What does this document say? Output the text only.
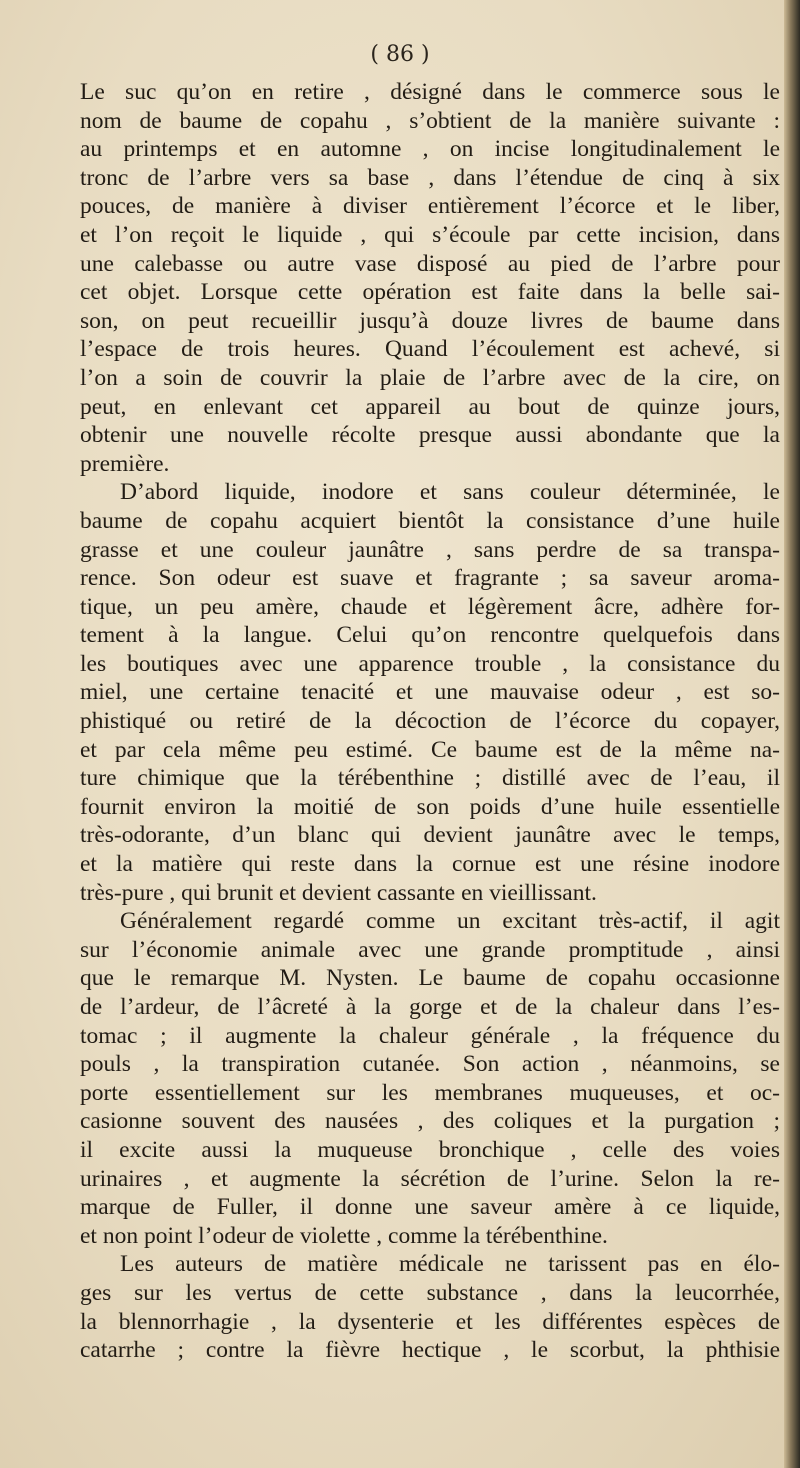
( 86 )
Le suc qu’on en retire , désigné dans le commerce sous le
nom de baume de copahu , s’obtient de la manière suivante :
au printemps et en automne , on incise longitudinalement le
tronc de l’arbre vers sa base , dans l’étendue de cinq à six
pouces, de manière à diviser entièrement l’écorce et le liber,
et l’on reçoit le liquide , qui s’écoule par cette incision, dans
une calebasse ou autre vase disposé au pied de l’arbre pour
cet objet. Lorsque cette opération est faite dans la belle sai-
son, on peut recueillir jusqu’à douze livres de baume dans
l’espace de trois heures. Quand l’écoulement est achevé, si
l’on a soin de couvrir la plaie de l’arbre avec de la cire, on
peut, en enlevant cet appareil au bout de quinze jours,
obtenir une nouvelle récolte presque aussi abondante que la
première.
D’abord liquide, inodore et sans couleur déterminée, le
baume de copahu acquiert bientôt la consistance d’une huile
grasse et une couleur jaunâtre , sans perdre de sa transpa-
rence. Son odeur est suave et fragrante ; sa saveur aroma-
tique, un peu amère, chaude et légèrement âcre, adhère for-
tement à la langue. Celui qu’on rencontre quelquefois dans
les boutiques avec une apparence trouble , la consistance du
miel, une certaine tenacité et une mauvaise odeur , est so-
phistiqué ou retiré de la décoction de l’écorce du copayer,
et par cela même peu estimé. Ce baume est de la même na-
ture chimique que la térébenthine ; distillé avec de l’eau, il
fournit environ la moitié de son poids d’une huile essentielle
très-odorante, d’un blanc qui devient jaunâtre avec le temps,
et la matière qui reste dans la cornue est une résine inodore
très-pure , qui brunit et devient cassante en vieillissant.
Généralement regardé comme un excitant très-actif, il agit
sur l’économie animale avec une grande promptitude , ainsi
que le remarque M. Nysten. Le baume de copahu occasionne
de l’ardeur, de l’âcreté à la gorge et de la chaleur dans l’es-
tomac ; il augmente la chaleur générale , la fréquence du
pouls , la transpiration cutanée. Son action , néanmoins, se
porte essentiellement sur les membranes muqueuses, et oc-
casionne souvent des nausées , des coliques et la purgation ;
il excite aussi la muqueuse bronchique , celle des voies
urinaires , et augmente la sécrétion de l’urine. Selon la re-
marque de Fuller, il donne une saveur amère à ce liquide,
et non point l’odeur de violette , comme la térébenthine.
Les auteurs de matière médicale ne tarissent pas en élo-
ges sur les vertus de cette substance , dans la leucorrhée,
la blennorrhagie , la dysenterie et les différentes espèces de
catarrhe ; contre la fièvre hectique , le scorbut, la phthisie
